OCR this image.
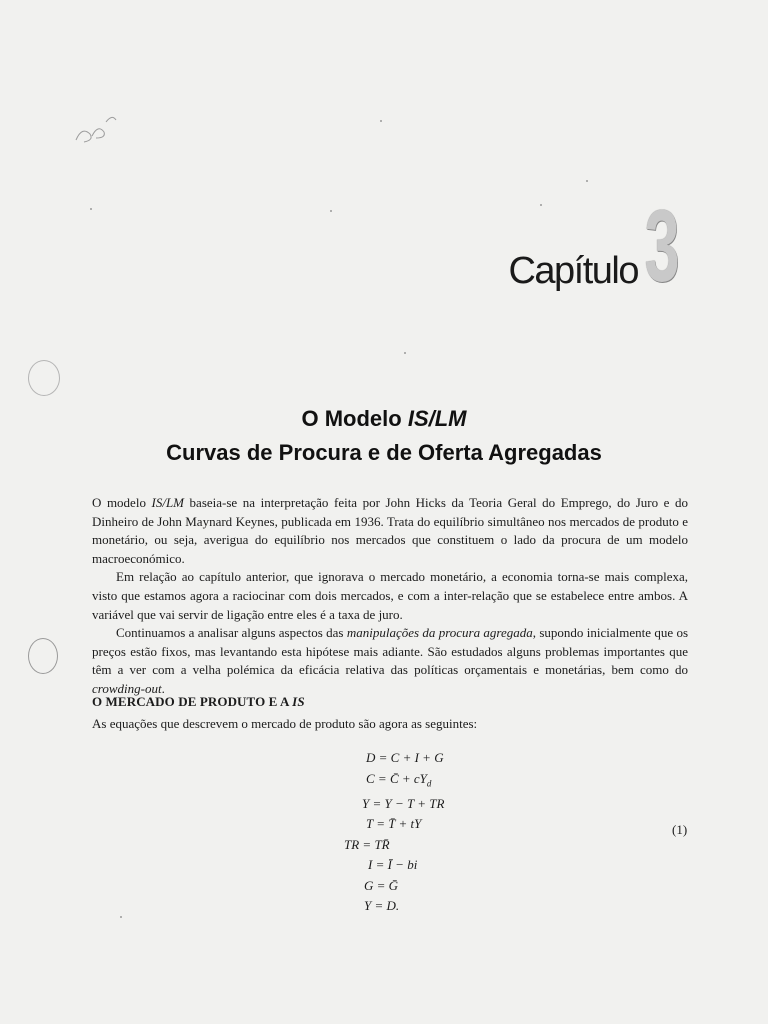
Capítulo 3
O Modelo IS/LM
Curvas de Procura e de Oferta Agregadas

O modelo IS/LM baseia-se na interpretação feita por John Hicks da Teoria Geral do Emprego, do Juro e do Dinheiro de John Maynard Keynes, publicada em 1936. Trata do equilíbrio simultâneo nos mercados de produto e monetário, ou seja, averigua do equilíbrio nos mercados que constituem o lado da procura de um modelo macroeconómico.

Em relação ao capítulo anterior, que ignorava o mercado monetário, a economia torna-se mais complexa, visto que estamos agora a raciocinar com dois mercados, e com a inter-relação que se estabelece entre ambos. A variável que vai servir de ligação entre eles é a taxa de juro.

Continuamos a analisar alguns aspectos das manipulações da procura agregada, supondo inicialmente que os preços estão fixos, mas levantando esta hipótese mais adiante. São estudados alguns problemas importantes que têm a ver com a velha polémica da eficácia relativa das políticas orçamentais e monetárias, bem como do crowding-out.

O MERCADO DE PRODUTO E A IS
As equações que descrevem o mercado de produto são agora as seguintes:
D = C + I + G
C = C̄ + $cY_d$
Y = Y − T + TR
T = T̄ + tY
TR = TR̄
I = Ī − bi
G = Ḡ
Y = D.
(1)
